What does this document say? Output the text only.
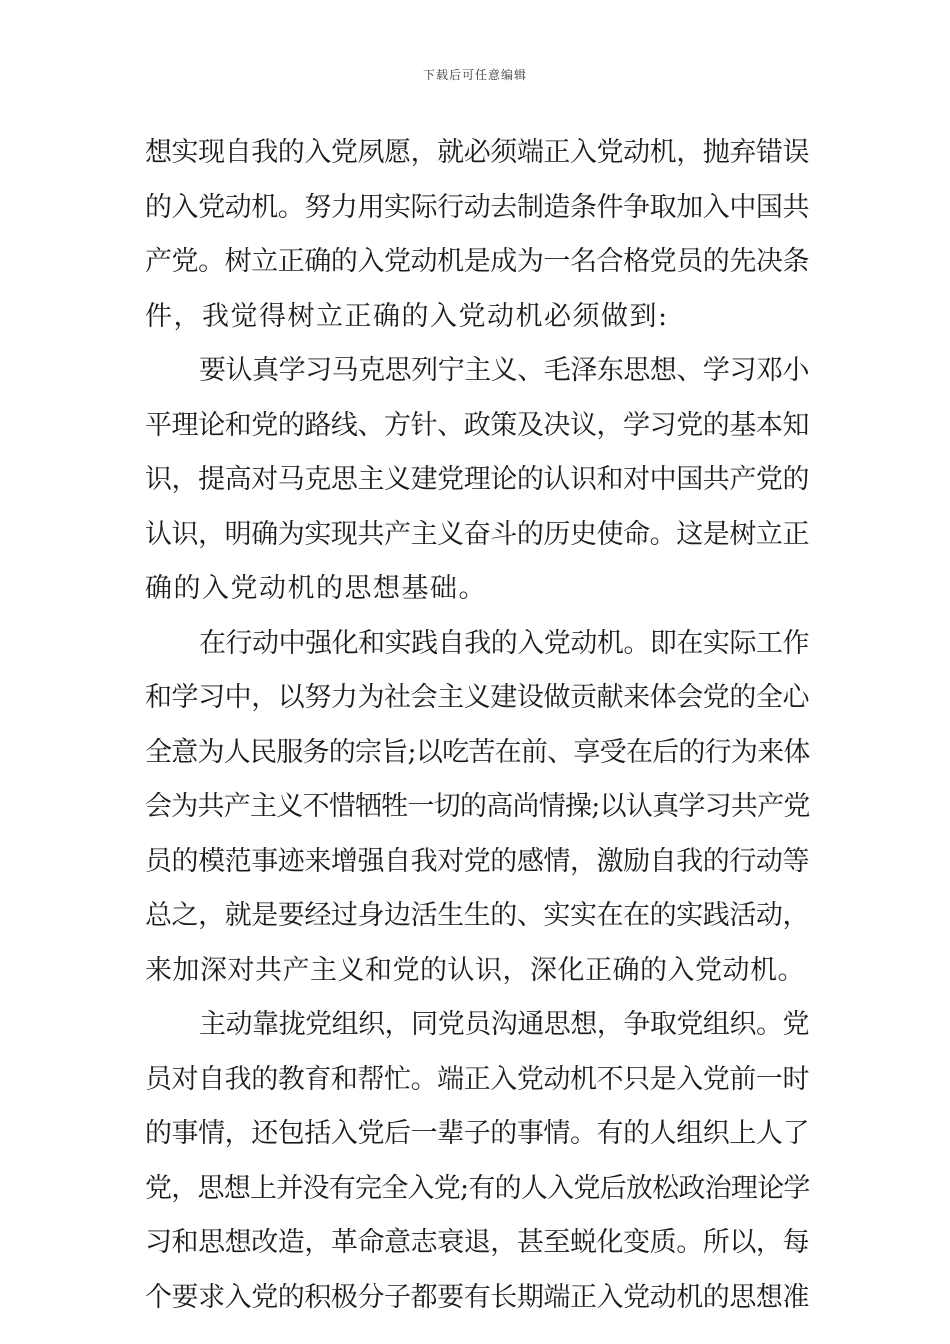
下载后可任意编辑
想实现自我的入党夙愿，就必须端正入党动机，抛弃错误
的入党动机。努力用实际行动去制造条件争取加入中国共
产党。树立正确的入党动机是成为一名合格党员的先决条
件，我觉得树立正确的入党动机必须做到:
要认真学习马克思列宁主义、毛泽东思想、学习邓小
平理论和党的路线、方针、政策及决议，学习党的基本知
识，提高对马克思主义建党理论的认识和对中国共产党的
认识，明确为实现共产主义奋斗的历史使命。这是树立正
确的入党动机的思想基础。
在行动中强化和实践自我的入党动机。即在实际工作
和学习中，以努力为社会主义建设做贡献来体会党的全心
全意为人民服务的宗旨;以吃苦在前、享受在后的行为来体
会为共产主义不惜牺牲一切的高尚情操;以认真学习共产党
员的模范事迹来增强自我对党的感情，激励自我的行动等
总之，就是要经过身边活生生的、实实在在的实践活动，
来加深对共产主义和党的认识，深化正确的入党动机。
主动靠拢党组织，同党员沟通思想，争取党组织。党
员对自我的教育和帮忙。端正入党动机不只是入党前一时
的事情，还包括入党后一辈子的事情。有的人组织上人了
党，思想上并没有完全入党;有的人入党后放松政治理论学
习和思想改造，革命意志衰退，甚至蜕化变质。所以，每
个要求入党的积极分子都要有长期端正入党动机的思想准
